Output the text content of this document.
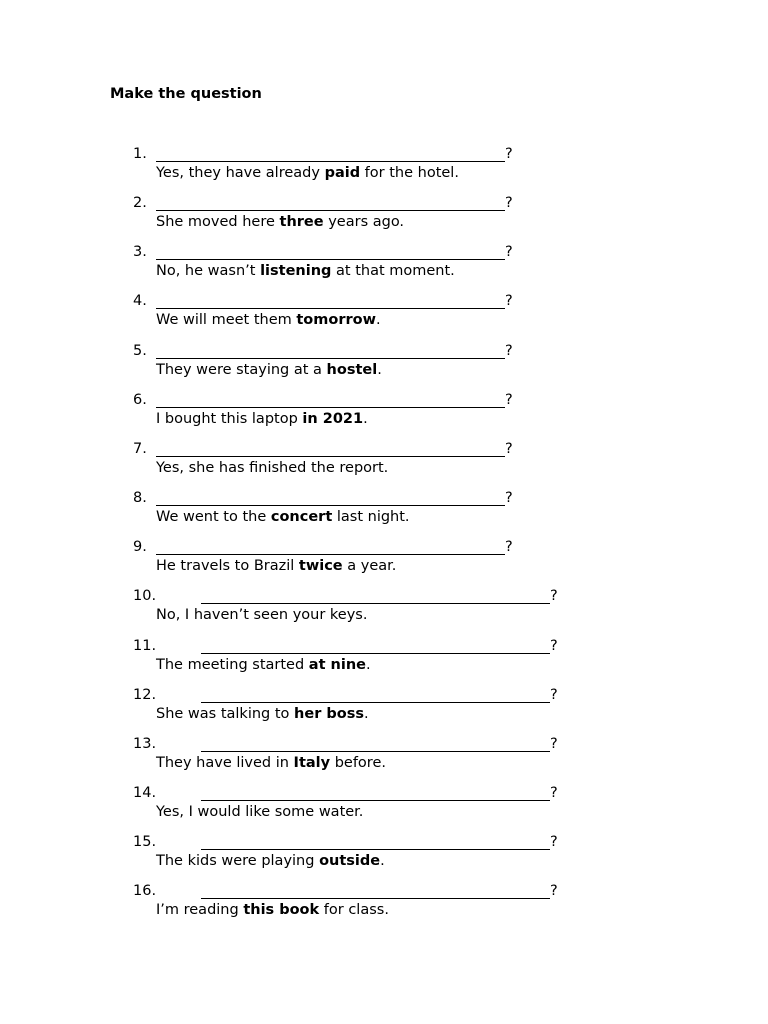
Make the question
1.	?
Yes, they have already paid for the hotel.
2.	?
She moved here three years ago.
3.	?
No, he wasn’t listening at that moment.
4.	?
We will meet them tomorrow.
5.	?
They were staying at a hostel.
6.	?
I bought this laptop in 2021.
7.	?
Yes, she has finished the report.
8.	?
We went to the concert last night.
9.	?
He travels to Brazil twice a year.
10.	?
No, I haven’t seen your keys.
11.	?
The meeting started at nine.
12.	?
She was talking to her boss.
13.	?
They have lived in Italy before.
14.	?
Yes, I would like some water.
15.	?
The kids were playing outside.
16.	?
I’m reading this book for class.
